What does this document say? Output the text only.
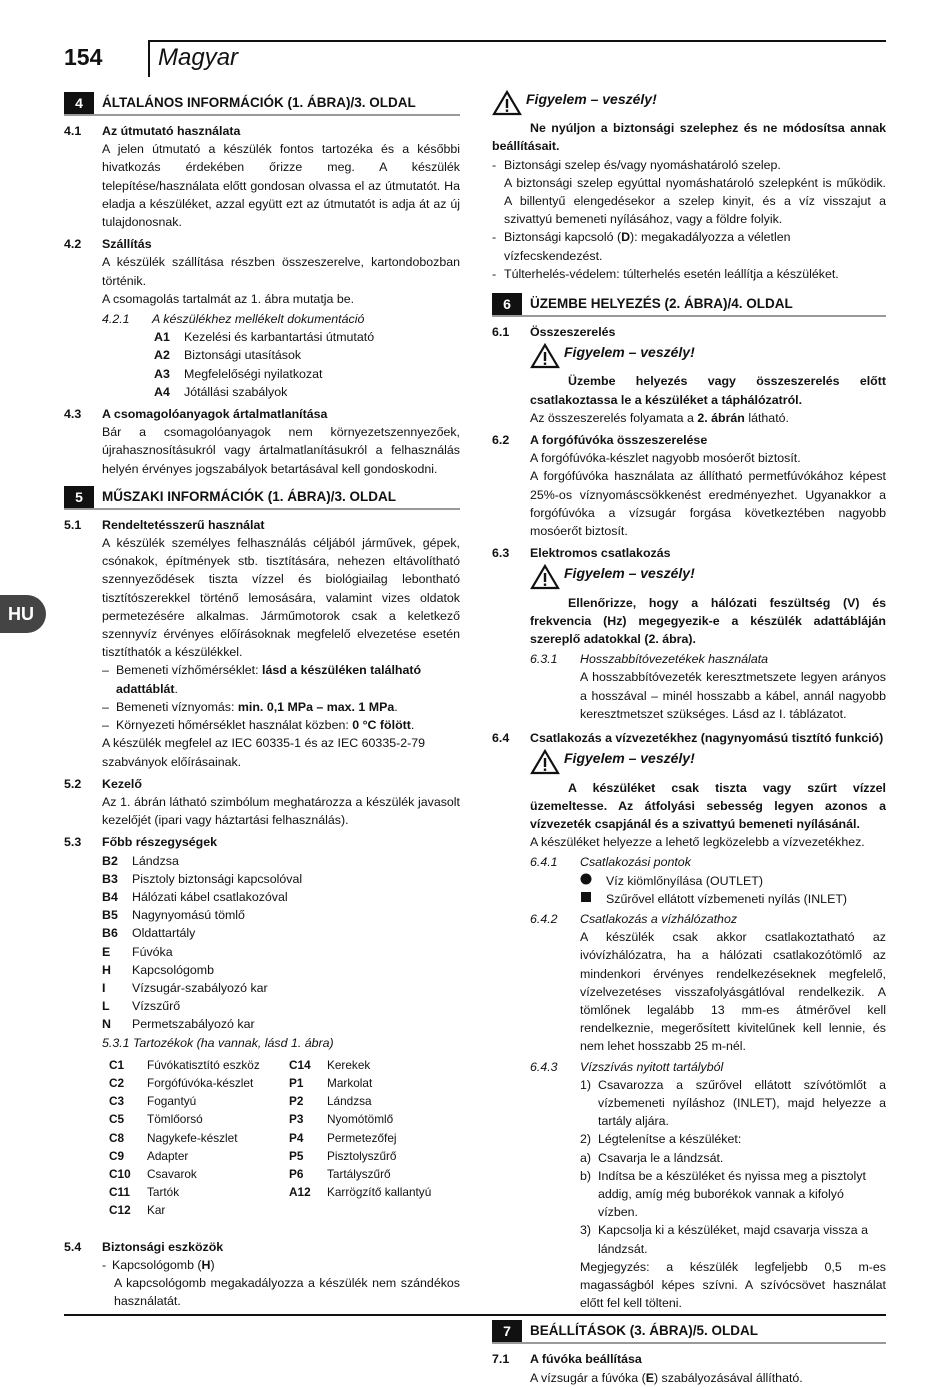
154 Magyar
HU
4	ÁLTALÁNOS INFORMÁCIÓK (1. ÁBRA)/3. OLDAL
4.1	Az útmutató használata
A jelen útmutató a készülék fontos tartozéka és a későbbi hivatkozás érdekében őrizze meg. A készülék telepítése/használata előtt gondosan olvassa el az útmutatót. Ha eladja a készüléket, azzal együtt ezt az útmutatót is adja át az új tulajdonosnak.
4.2	Szállítás
A készülék szállítása részben összeszerelve, kartondobozban történik.
A csomagolás tartalmát az 1. ábra mutatja be.
4.2.1	A készülékhez mellékelt dokumentáció
A1	Kezelési és karbantartási útmutató
A2	Biztonsági utasítások
A3	Megfelelőségi nyilatkozat
A4	Jótállási szabályok
4.3	A csomagolóanyagok ártalmatlanítása
Bár a csomagolóanyagok nem környezetszennyezőek, újrahasznosításukról vagy ártalmatlanításukról a felhasználás helyén érvényes jogszabályok betartásával kell gondoskodni.
5	MŰSZAKI INFORMÁCIÓK (1. ÁBRA)/3. OLDAL
5.1	Rendeltetésszerű használat
A készülék személyes felhasználás céljából járművek, gépek, csónakok, építmények stb. tisztítására, nehezen eltávolítható szennyeződések tiszta vízzel és biológiailag lebontható tisztítószerekkel történő lemosására, valamint vizes oldatok permetezésére alkalmas. Járműmotorok csak a keletkező szennyvíz érvényes előírásoknak megfelelő elvezetése esetén tisztíthatók a készülékkel.
– Bemeneti vízhőmérséklet: lásd a készüléken található adattáblát.
– Bemeneti víznyomás: min. 0,1 MPa – max. 1 MPa.
– Környezeti hőmérséklet használat közben: 0 °C fölött.
A készülék megfelel az IEC 60335-1 és az IEC 60335-2-79 szabványok előírásainak.
5.2	Kezelő
Az 1. ábrán látható szimbólum meghatározza a készülék javasolt kezelőjét (ipari vagy háztartási felhasználás).
5.3	Főbb részegységek
B2	Lándzsa
B3	Pisztoly biztonsági kapcsolóval
B4	Hálózati kábel csatlakozóval
B5	Nagynyomású tömlő
B6	Oldattartály
E	Fúvóka
H	Kapcsológomb
I	Vízsugár-szabályozó kar
L	Vízszűrő
N	Permetszabályozó kar
5.3.1 Tartozékok (ha vannak, lásd 1. ábra)
C1	Fúvókatisztító eszköz	C14	Kerekek
C2	Forgófúvóka-készlet	P1	Markolat
C3	Fogantyú	P2	Lándzsa
C5	Tömlőorsó	P3	Nyomótömlő
C8	Nagykefe-készlet	P4	Permetezőfej
C9	Adapter	P5	Pisztolyszűrő
C10	Csavarok	P6	Tartályszűrő
C11	Tartók	A12	Karrögzítő kallantyú
C12	Kar
5.4	Biztonsági eszközök
- Kapcsológomb (H)
A kapcsológomb megakadályozza a készülék nem szándékos használatát.
Figyelem – veszély!
Ne nyúljon a biztonsági szelephez és ne módosítsa annak beállításait.
- Biztonsági szelep és/vagy nyomáshatároló szelep.
A biztonsági szelep egyúttal nyomáshatároló szelepként is működik. A billentyű elengedésekor a szelep kinyit, és a víz visszajut a szivattyú bemeneti nyílásához, vagy a földre folyik.
- Biztonsági kapcsoló (D): megakadályozza a véletlen vízfecskendezést.
- Túlterhelés-védelem: túlterhelés esetén leállítja a készüléket.
6	ÜZEMBE HELYEZÉS (2. ÁBRA)/4. OLDAL
6.1	Összeszerelés
Figyelem – veszély!
Üzembe helyezés vagy összeszerelés előtt csatlakoztassa le a készüléket a táphálózatról.
Az összeszerelés folyamata a 2. ábrán látható.
6.2	A forgófúvóka összeszerelése
A forgófúvóka-készlet nagyobb mosóerőt biztosít.
A forgófúvóka használata az állítható permetfúvókához képest 25%-os víznyomáscsökkenést eredményezhet. Ugyanakkor a forgófúvóka a vízsugár forgása következtében nagyobb mosóerőt biztosít.
6.3	Elektromos csatlakozás
Figyelem – veszély!
Ellenőrizze, hogy a hálózati feszültség (V) és frekvencia (Hz) megegyezik-e a készülék adattábláján szereplő adatokkal (2. ábra).
6.3.1	Hosszabbítóvezetékek használata
A hosszabbítóvezeték keresztmetszete legyen arányos a hosszával – minél hosszabb a kábel, annál nagyobb keresztmetszet szükséges. Lásd az I. táblázatot.
6.4	Csatlakozás a vízvezetékhez (nagynyomású tisztító funkció)
Figyelem – veszély!
A készüléket csak tiszta vagy szűrt vízzel üzemeltesse. Az átfolyási sebesség legyen azonos a vízvezeték csapjánál és a szivattyú bemeneti nyílásánál.
A készüléket helyezze a lehető legközelebb a vízvezetékhez.
6.4.1	Csatlakozási pontok
Víz kiömlőnyílása (OUTLET)
Szűrővel ellátott vízbemeneti nyílás (INLET)
6.4.2	Csatlakozás a vízhálózathoz
A készülék csak akkor csatlakoztatható az ivóvízhálózatra, ha a hálózati csatlakozótömlő az mindenkori érvényes rendelkezéseknek megfelelő, vízelvezetéses visszafolyásgátlóval rendelkezik. A tömlőnek legalább 13 mm-es átmérővel kell rendelkeznie, megerősített kivitelűnek kell lennie, és nem lehet hosszabb 25 m-nél.
6.4.3	Vízszívás nyitott tartályból
1) Csavarozza a szűrővel ellátott szívótömlőt a vízbemeneti nyíláshoz (INLET), majd helyezze a tartály aljára.
2) Légtelenítse a készüléket:
a) Csavarja le a lándzsát.
b) Indítsa be a készüléket és nyissa meg a pisztolyt addig, amíg még buborékok vannak a kifolyó vízben.
3) Kapcsolja ki a készüléket, majd csavarja vissza a lándzsát.
Megjegyzés: a készülék legfeljebb 0,5 m-es magasságból képes szívni. A szívócsövet használat előtt fel kell tölteni.
7	BEÁLLÍTÁSOK (3. ÁBRA)/5. OLDAL
7.1	A fúvóka beállítása
A vízsugár a fúvóka (E) szabályozásával állítható.
